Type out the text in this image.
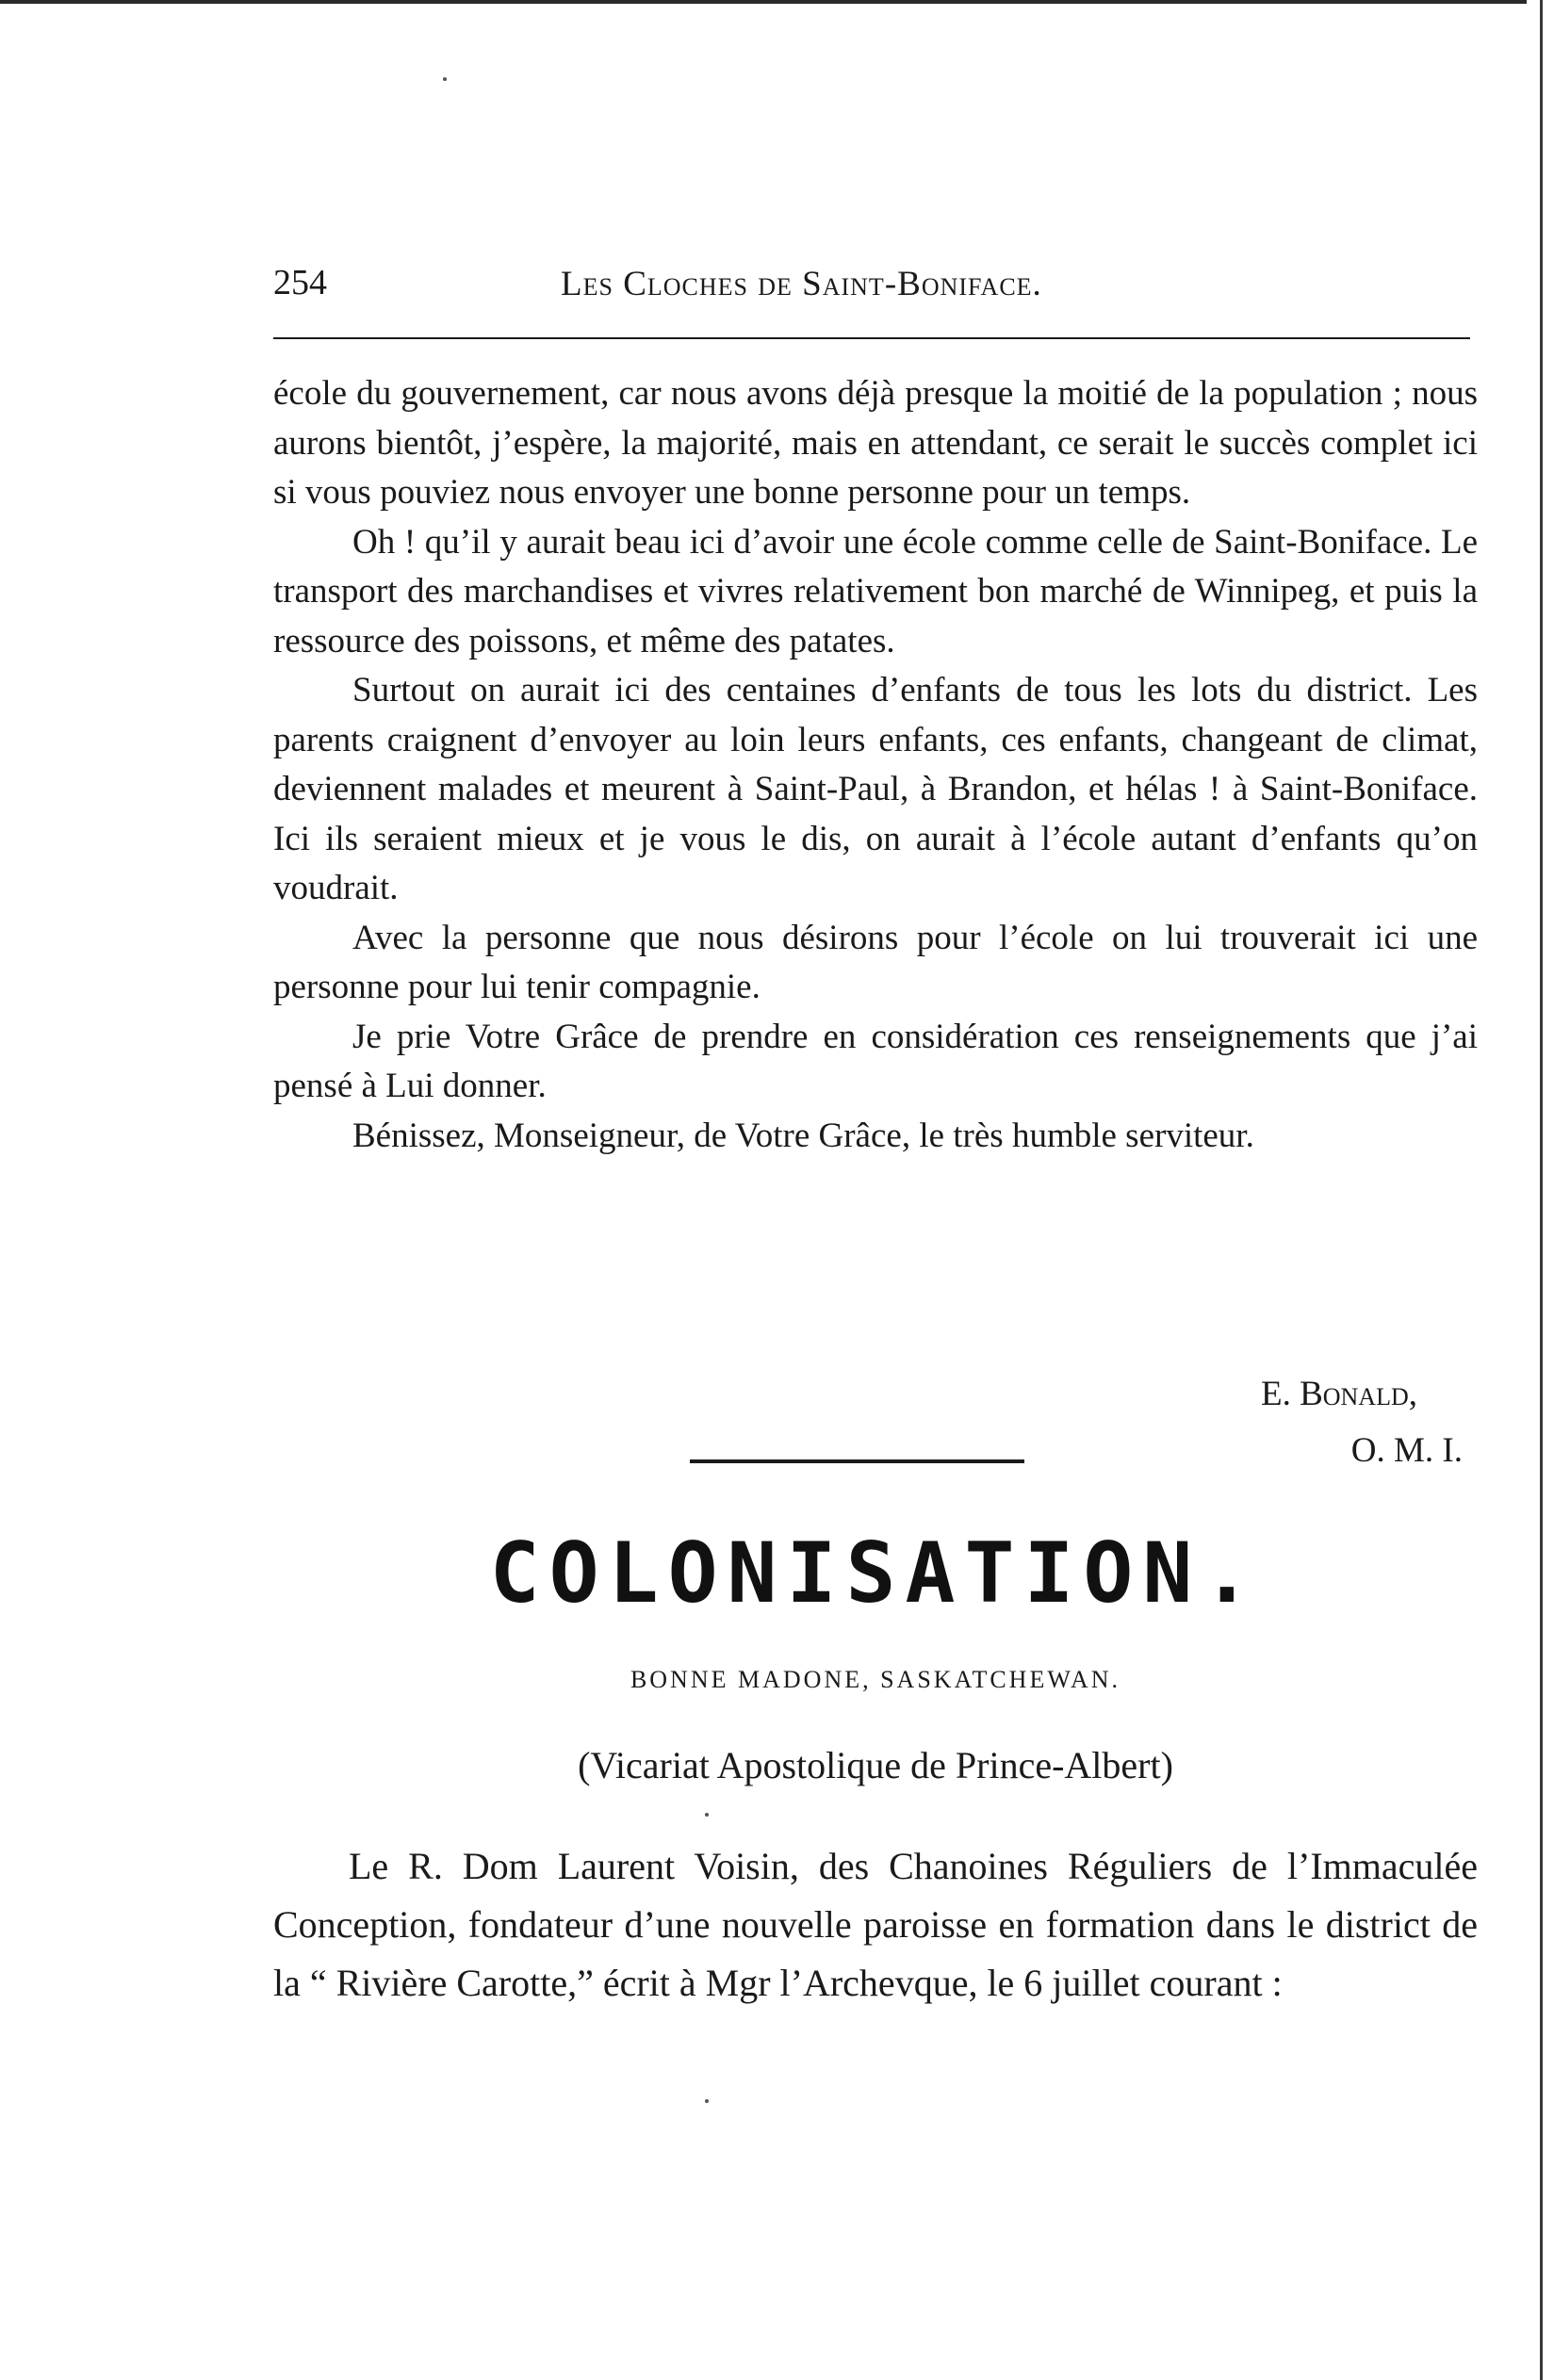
254	Les Cloches de Saint-Boniface.

école du gouvernement, car nous avons déjà presque la moitié de la population ; nous aurons bientôt, j’espère, la majorité, mais en attendant, ce serait le succès complet ici si vous pouviez nous envoyer une bonne personne pour un temps.

Oh ! qu’il y aurait beau ici d’avoir une école comme celle de Saint-Boniface. Le transport des marchandises et vivres relativement bon marché de Winnipeg, et puis la ressource des poissons, et même des patates.

Surtout on aurait ici des centaines d’enfants de tous les lots du district. Les parents craignent d’envoyer au loin leurs enfants, ces enfants, changeant de climat, deviennent malades et meurent à Saint-Paul, à Brandon, et hélas ! à Saint-Boniface. Ici ils seraient mieux et je vous le dis, on aurait à l’école autant d’enfants qu’on voudrait.

Avec la personne que nous désirons pour l’école on lui trouverait ici une personne pour lui tenir compagnie.

Je prie Votre Grâce de prendre en considération ces renseignements que j’ai pensé à Lui donner.

Bénissez, Monseigneur, de Votre Grâce, le très humble serviteur.

E. Bonald,
O. M. I.
COLONISATION.
BONNE MADONE, SASKATCHEWAN.
(Vicariat Apostolique de Prince-Albert)

Le R. Dom Laurent Voisin, des Chanoines Réguliers de l’Immaculée Conception, fondateur d’une nouvelle paroisse en formation dans le district de la “ Rivière Carotte,” écrit à Mgr l’Archevque, le 6 juillet courant :
